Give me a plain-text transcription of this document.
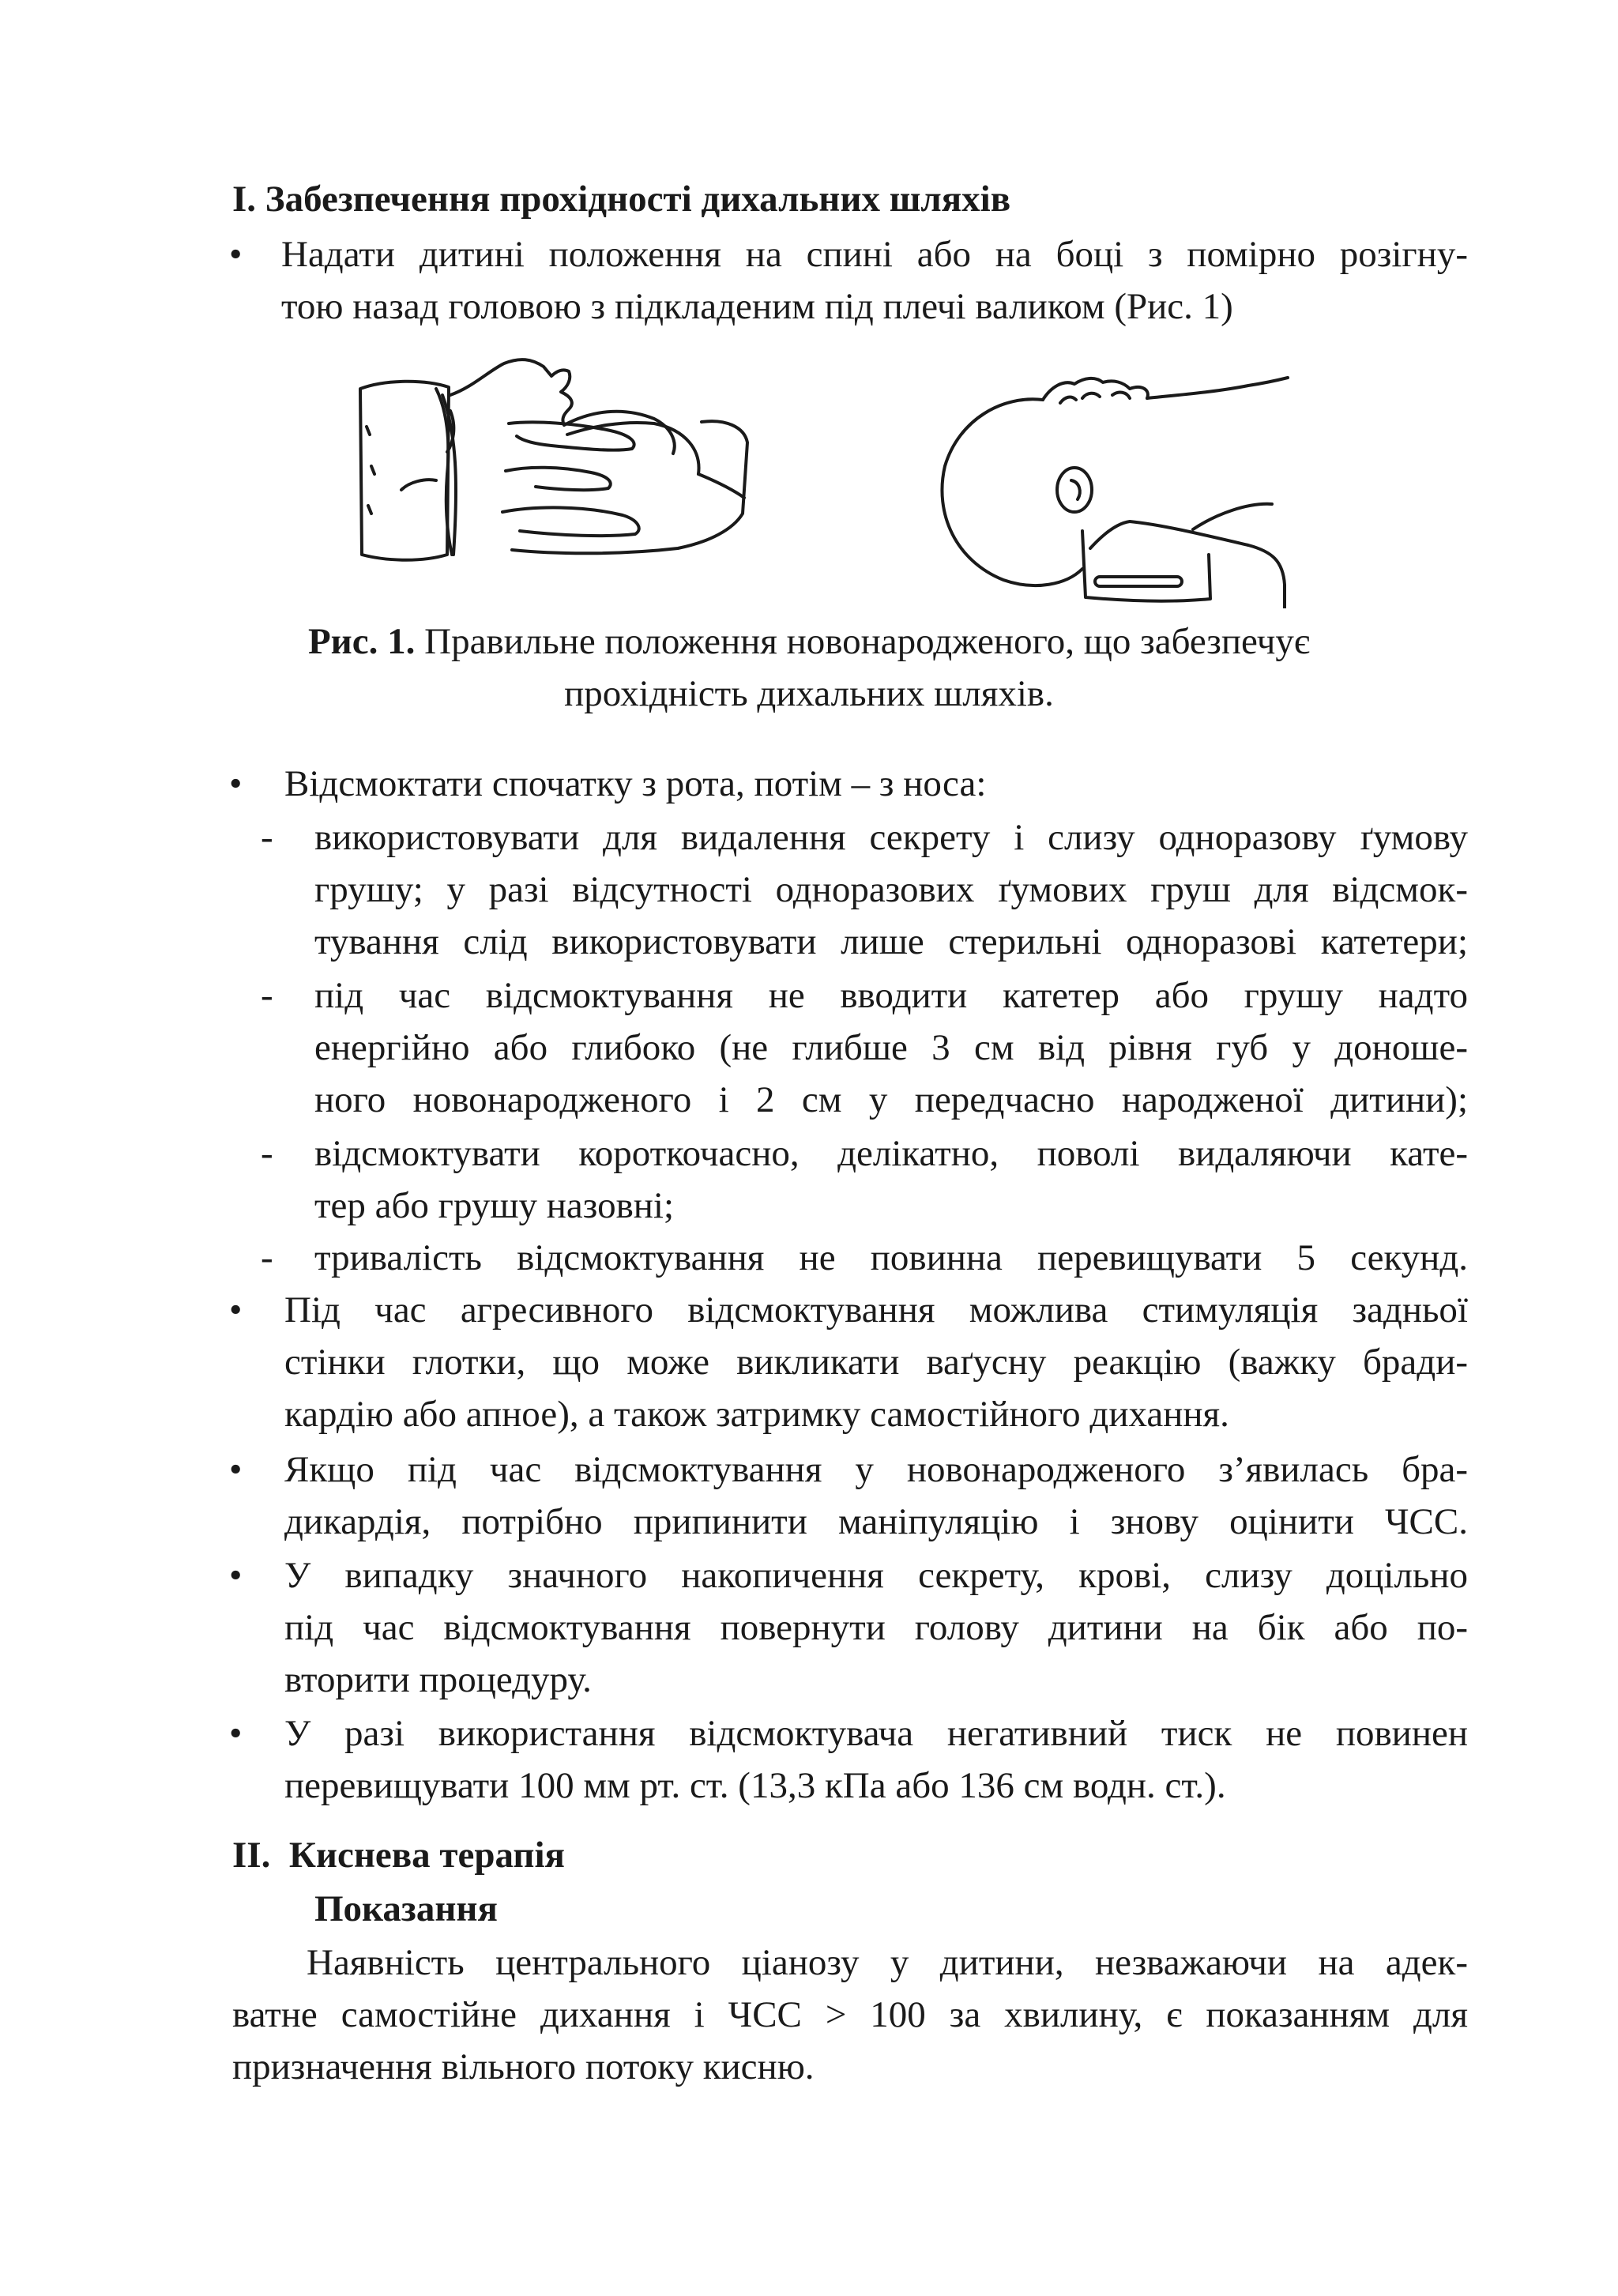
І. Забезпечення прохідності дихальних шляхів
• Надати дитині положення на спині або на боці з помірно розігну-
тою назад головою з підкладеним під плечі валиком (Рис. 1)
Рис. 1. Правильне положення новонародженого, що забезпечує
прохідність дихальних шляхів.
• Відсмоктати спочатку з рота, потім – з носа:
- використовувати для видалення секрету і слизу одноразову ґумову
грушу; у разі відсутності одноразових ґумових груш для відсмок-
тування слід використовувати лише стерильні одноразові катетери;
- під час відсмоктування не вводити катетер або грушу надто
енергійно або глибоко (не глибше 3 см від рівня губ у доноше-
ного новонародженого і 2 см у передчасно народженої дитини);
- відсмоктувати короткочасно, делікатно, поволі видаляючи кате-
тер або грушу назовні;
- тривалість відсмоктування не повинна перевищувати 5 секунд.
• Під час агресивного відсмоктування можлива стимуляція задньої
стінки глотки, що може викликати ваґусну реакцію (важку бради-
кардію або апное), а також затримку самостійного дихання.
• Якщо під час відсмоктування у новонародженого з’явилась бра-
дикардія, потрібно припинити маніпуляцію і знову оцінити ЧСС.
• У випадку значного накопичення секрету, крові, слизу доцільно
під час відсмоктування повернути голову дитини на бік або по-
вторити процедуру.
• У разі використання відсмоктувача негативний тиск не повинен
перевищувати 100 мм рт. ст. (13,3 кПа або 136 см водн. ст.).
ІІ.  Киснева терапія
Показання
Наявність центрального ціанозу у дитини, незважаючи на адек-
ватне самостійне дихання і ЧСС > 100 за хвилину, є показанням для
призначення вільного потоку кисню.
